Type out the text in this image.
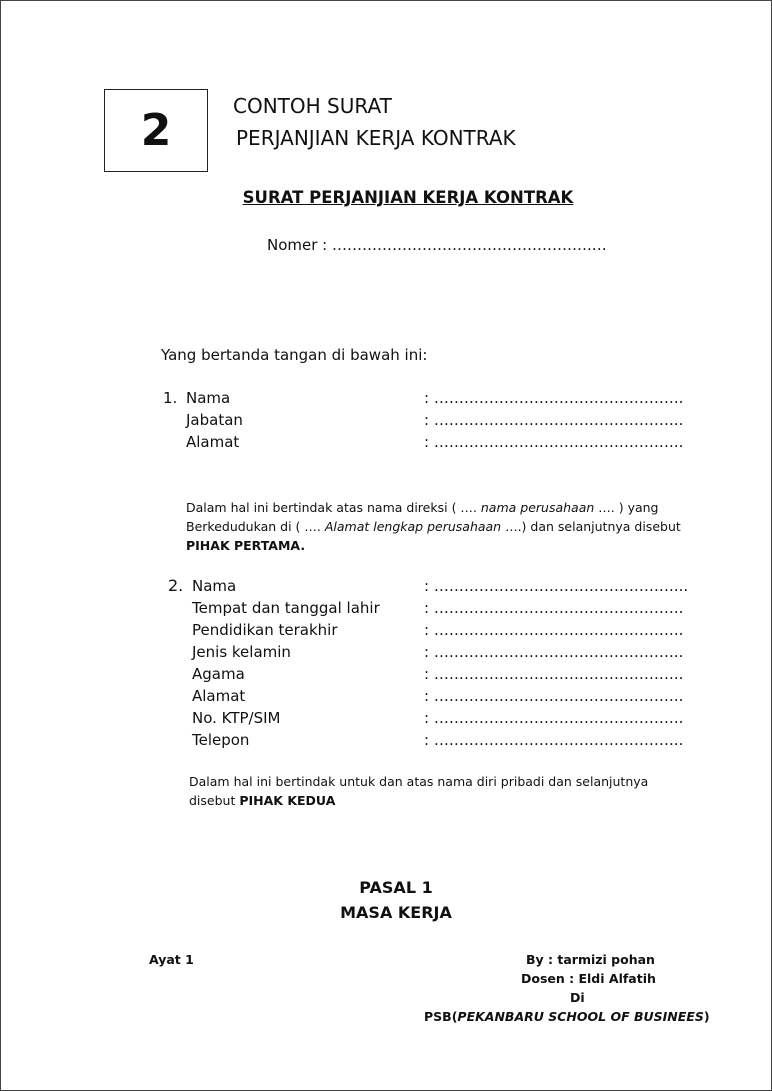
2	CONTOH SURAT
PERJANJIAN KERJA KONTRAK
SURAT PERJANJIAN KERJA KONTRAK
Nomer : …………………………………………….…
Yang bertanda tangan di bawah ini:
1. Nama	: …………………………………………..
Jabatan	: …………………………………………..
Alamat	: …………………………………………..
Dalam hal ini bertindak atas nama direksi ( …. nama perusahaan …. ) yang
Berkedudukan di ( …. Alamat lengkap perusahaan ….) dan selanjutnya disebut
PIHAK PERTAMA.
2. Nama	: …………………………………………...
Tempat dan tanggal lahir	: …………………………………………..
Pendidikan terakhir	: …………………………………………..
Jenis kelamin	: …………………………………………..
Agama	: …………………………………………..
Alamat	: …………………………………………..
No. KTP/SIM	: …………………………………………..
Telepon	: …………………………………………..
Dalam hal ini bertindak untuk dan atas nama diri pribadi dan selanjutnya
disebut PIHAK KEDUA
PASAL 1
MASA KERJA
Ayat 1	By : tarmizi pohan
Dosen : Eldi Alfatih
Di
PSB(PEKANBARU SCHOOL OF BUSINEES)
